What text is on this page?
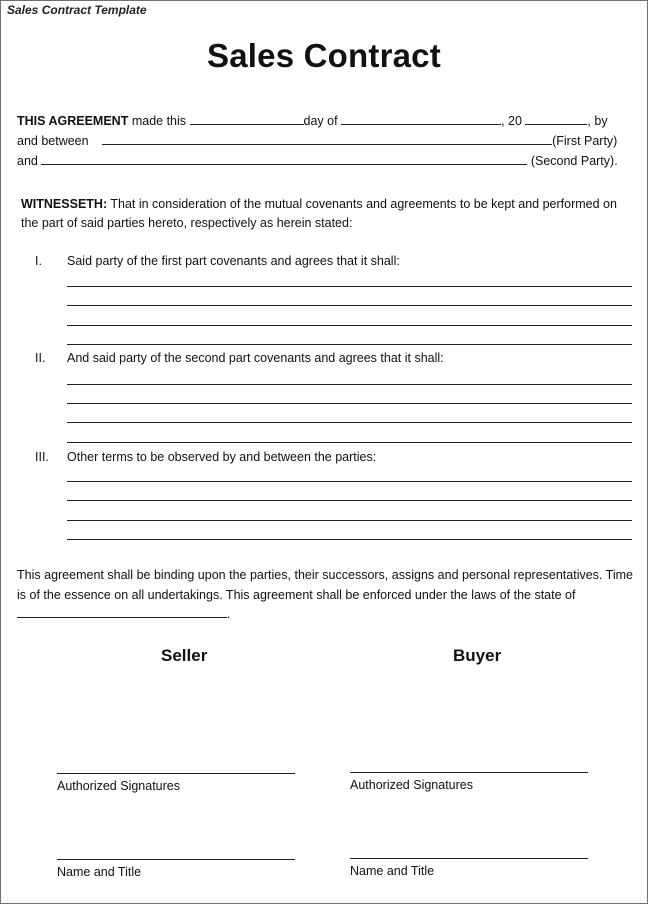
Sales Contract Template
Sales Contract
THIS AGREEMENT made this	day of	, 20	, by
and between	(First Party)
and	(Second Party).
WITNESSETH: That in consideration of the mutual covenants and agreements to be kept and performed on the part of said parties hereto, respectively as herein stated:
I. Said party of the first part covenants and agrees that it shall:
II. And said party of the second part covenants and agrees that it shall:
III. Other terms to be observed by and between the parties:
This agreement shall be binding upon the parties, their successors, assigns and personal representatives. Time is of the essence on all undertakings. This agreement shall be enforced under the laws of the state of
.
Seller
Authorized Signatures
Name and Title
Buyer
Authorized Signatures
Name and Title
